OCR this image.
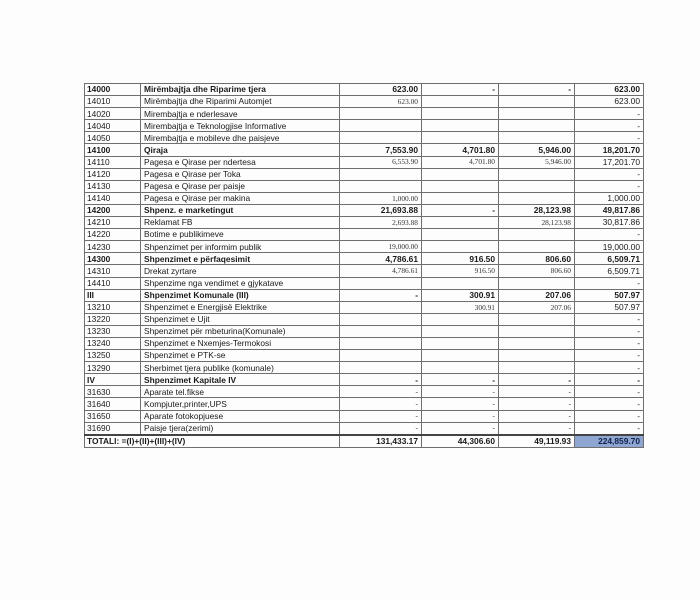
14000	Mirëmbajtja dhe Riparime tjera	623.00	-	-	623.00
14010	Mirëmbajtja dhe Riparimi Automjet	623.00			623.00
14020	Mirembajtja e nderlesave				-
14040	Mirembajtja e Teknologjise Informative				-
14050	Mirembajtja e mobileve dhe paisjeve				-
14100	Qiraja	7,553.90	4,701.80	5,946.00	18,201.70
14110	Pagesa e Qirase per ndertesa	6,553.90	4,701.80	5,946.00	17,201.70
14120	Pagesa e Qirase per Toka				-
14130	Pagesa e Qirase per paisje				-
14140	Pagesa e Qirase per makina	1,000.00			1,000.00
14200	Shpenz. e marketingut	21,693.88	-	28,123.98	49,817.86
14210	Reklamat FB	2,693.88		28,123.98	30,817.86
14220	Botime e publikimeve				-
14230	Shpenzimet per informim publik	19,000.00			19,000.00
14300	Shpenzimet e përfaqesimit	4,786.61	916.50	806.60	6,509.71
14310	Drekat zyrtare	4,786.61	916.50	806.60	6,509.71
14410	Shpenzime nga vendimet e gjykatave				-
III	Shpenzimet Komunale (III)	-	300.91	207.06	507.97
13210	Shpenzimet e Energjisë Elektrike		300.91	207.06	507.97
13220	Shpenzimet e Ujit				-
13230	Shpenzimet për mbeturina(Komunale)				-
13240	Shpenzimet e Nxemjes-Termokosi				-
13250	Shpenzimet e PTK-se				-
13290	Sherbimet tjera publike (komunale)				-
IV	Shpenzimet Kapitale IV	-	-	-	-
31630	Aparate tel.fikse	-	-	-	-
31640	Kompjuter,printer,UPS	-	-	-	-
31650	Aparate fotokopjuese	-	-	-	-
31690	Paisje tjera(zerimi)	-	-	-	-
TOTALI: =(I)+(II)+(III)+(IV)		131,433.17	44,306.60	49,119.93	224,859.70
